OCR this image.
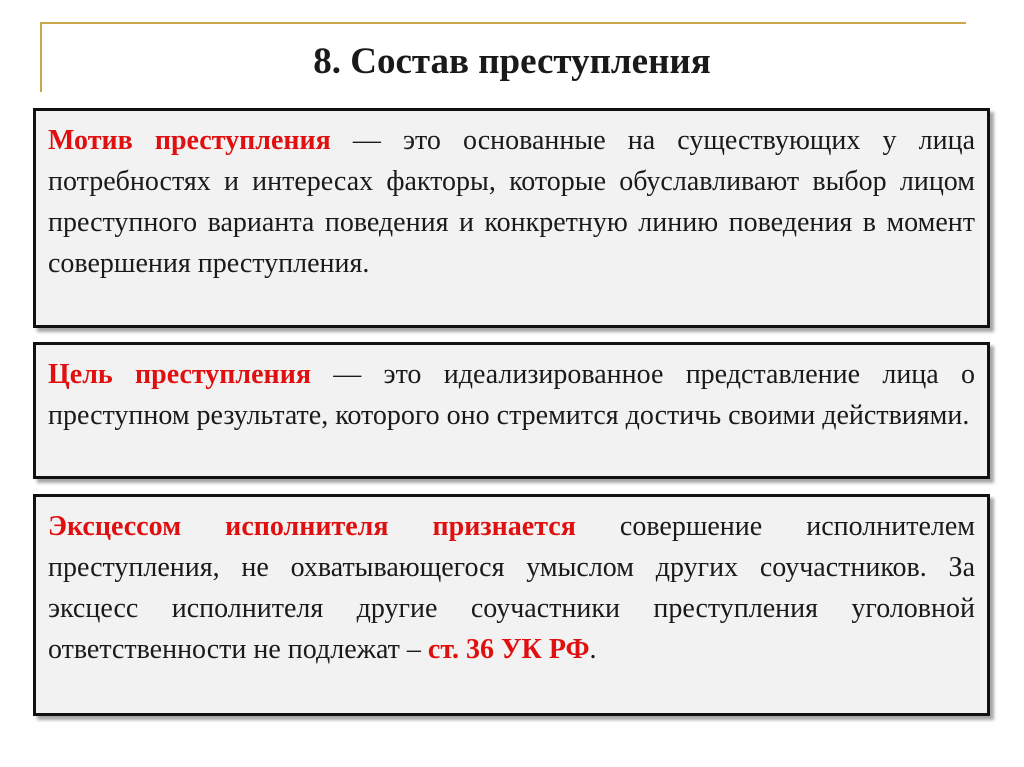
8. Состав преступления
Мотив преступления — это основанные на существующих у лица потребностях и интересах факторы, которые обуславливают выбор лицом преступного варианта поведения и конкретную линию поведения в момент совершения преступления.
Цель преступления — это идеализированное представление лица о преступном результате, которого оно стремится достичь своими действиями.
Эксцессом исполнителя признается совершение исполнителем преступления, не охватывающегося умыслом других соучастников. За эксцесс исполнителя другие соучастники преступления уголовной ответственности не подлежат – ст. 36 УК РФ.
